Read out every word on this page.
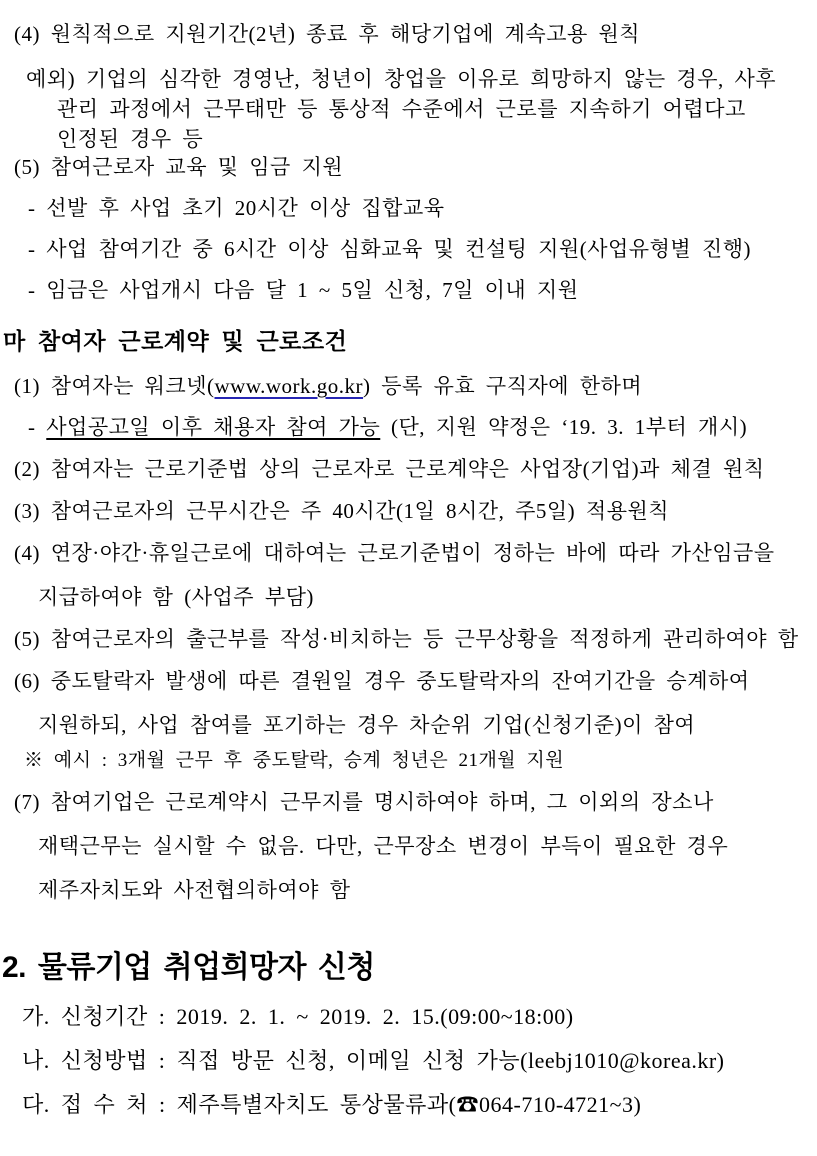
(4) 원칙적으로 지원기간(2년) 종료 후 해당기업에 계속고용 원칙

예외) 기업의 심각한 경영난, 청년이 창업을 이유로 희망하지 않는 경우, 사후

관리 과정에서 근무태만 등 통상적 수준에서 근로를 지속하기 어렵다고

인정된 경우 등

(5) 참여근로자 교육 및 임금 지원

- 선발 후 사업 초기 20시간 이상 집합교육

- 사업 참여기간 중 6시간 이상 심화교육 및 컨설팅 지원(사업유형별 진행)

- 임금은 사업개시 다음 달 1 ~ 5일 신청, 7일 이내 지원

마 참여자 근로계약 및 근로조건

(1) 참여자는 워크넷(www.work.go.kr) 등록 유효 구직자에 한하며

- 사업공고일 이후 채용자 참여 가능 (단, 지원 약정은 ‘19. 3. 1부터 개시)

(2) 참여자는 근로기준법 상의 근로자로 근로계약은 사업장(기업)과 체결 원칙

(3) 참여근로자의 근무시간은 주 40시간(1일 8시간, 주5일) 적용원칙

(4) 연장·야간·휴일근로에 대하여는 근로기준법이 정하는 바에 따라 가산임금을

지급하여야 함 (사업주 부담)

(5) 참여근로자의 출근부를 작성·비치하는 등 근무상황을 적정하게 관리하여야 함

(6) 중도탈락자 발생에 따른 결원일 경우 중도탈락자의 잔여기간을 승계하여

지원하되, 사업 참여를 포기하는 경우 차순위 기업(신청기준)이 참여

※ 예시 : 3개월 근무 후 중도탈락, 승계 청년은 21개월 지원

(7) 참여기업은 근로계약시 근무지를 명시하여야 하며, 그 이외의 장소나

재택근무는 실시할 수 없음. 다만, 근무장소 변경이 부득이 필요한 경우

제주자치도와 사전협의하여야 함

2. 물류기업 취업희망자 신청

가. 신청기간 : 2019. 2. 1. ~ 2019. 2. 15.(09:00~18:00)

나. 신청방법 : 직접 방문 신청, 이메일 신청 가능(leebj1010@korea.kr)

다. 접 수 처 : 제주특별자치도 통상물류과(☎064-710-4721~3)
